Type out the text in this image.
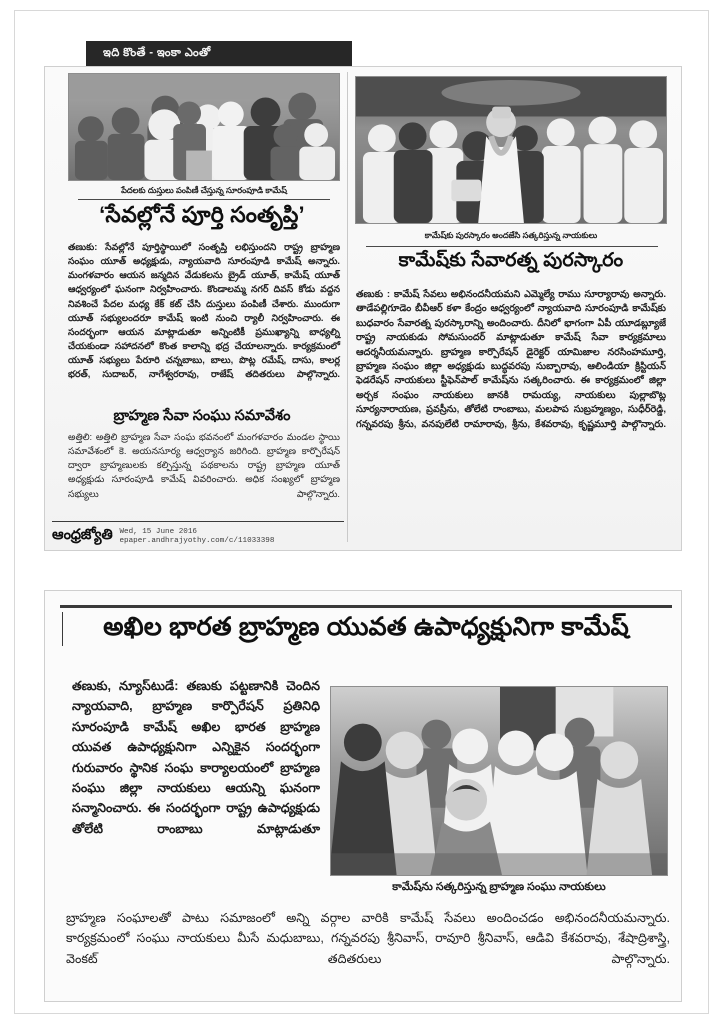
ఇది కొంతే - ఇంకా ఎంతో
పేదలకు దుస్తులు పంపిణీ చేస్తున్న సూరంపూడి కామేష్
‘సేవల్లోనే పూర్తి సంతృప్తి’
తణుకు: సేవల్లోనే పూర్తిస్థాయిలో సంతృప్తి లభిస్తుందని రాష్ట్ర బ్రాహ్మణ సంఘం యూత్ అధ్యక్షుడు, న్యాయవాది సూరంపూడి కామేష్ అన్నారు. మంగళవారం ఆయన జన్మదిన వేడుకలను బ్రైడ్ యూత్, కామేష్ యూత్ ఆధ్వర్యంలో ఘనంగా నిర్వహించారు. కొండాలమ్మ నగర్ దివస్ కోడు వద్దన నివశించే పేదల మధ్య కేక్ కట్ చేసి దుస్తులు పంపిణీ చేశారు. ముందుగా యూత్ సభ్యులందరూ కామేష్ ఇంటి నుంచి ర్యాలీ నిర్వహించారు. ఈ సందర్భంగా ఆయన మాట్లాడుతూ అన్నింటికీ ప్రముఖ్యాన్ని బాధ్యల్ని చేయకుండా సహాదనలో కొంత కాలాన్ని భద్ర చేయాలన్నారు. కార్యక్రమంలో యూత్ సభ్యులు పేరూరి చన్నబాబు, బాలు, పొట్ల రమేష్, దాసు, కాలర్ల భరత్, సుదాబర్, నాగేశ్వరరావు, రాజేష్ తదితరులు పాల్గొన్నారు.
బ్రాహ్మణ సేవా సంఘు సమావేశం
అత్తిలి: అత్తిలి బ్రాహ్మణ సేవా సంఘ భవనంలో మంగళవారం మండల స్థాయి సమావేశంలో కె. అయనసూర్య ఆధ్వర్యాన జరిగింది. బ్రాహ్మణ కార్పొరేషన్ ద్వారా బ్రాహ్మణులకు కల్పిస్తున్న పథకాలను రాష్ట్ర బ్రాహ్మణ యూత్ అధ్యక్షుడు సూరంపూడి కామేష్ వివరించారు. అధిక సంఖ్యలో బ్రాహ్మణ సభ్యులు పాల్గొన్నారు.
ఆంధ్రజ్యోతి Wed, 15 June 2016
epaper.andhrajyothy.com/c/11033398
కామేష్‌కు పురస్కారం అందజేసి సత్కరిస్తున్న నాయకులు
కామేష్‌కు సేవారత్న పురస్కారం
తణుకు : కామేష్ సేవలు అభినందనీయమని ఎమ్మెల్యే రాము సూర్యారావు అన్నారు. తాడేపల్లిగూడెం బీవీఆర్ కళా కేంద్రం ఆధ్వర్యంలో న్యాయవాది సూరంపూడి కామేష్‌కు బుధవారం సేవారత్న పురస్కారాన్ని అందించారు. దీనిలో భాగంగా ఏపీ యూడబ్ల్యూజే రాష్ట్ర నాయకుడు సోమసుందర్ మాట్లాడుతూ కామేష్ సేవా కార్యక్రమాలు ఆదర్శనీయమన్నారు. బ్రాహ్మణ కార్పొరేషన్ డైరెక్టర్ యామిజాల నరసింహమూర్తి, బ్రాహ్మణ సంఘం జిల్లా అధ్యక్షుడు బుద్ధవరపు సుబ్బారావు, ఆలిండియా క్రిస్టియన్ ఫెడరేషన్ నాయకులు స్టీఫెన్‌పాల్ కామేష్‌ను సత్కరించారు. ఈ కార్యక్రమంలో జిల్లా అర్చక సంఘం నాయకులు జానకి రామయ్య, నాయకులు పుల్లాబొట్ల సూర్యనారాయణ, ప్రవస్రీను, తోలేటి రాంబాబు, మలపాప సుబ్రహ్మణ్యం, సుధీర్‌రెడ్డి, గన్నవరపు శ్రీను, వనపులేటి రామారావు, శ్రీను, కేశవరావు, కృష్ణమూర్తి పాల్గొన్నారు.
అఖిల భారత బ్రాహ్మణ యువత ఉపాధ్యక్షునిగా కామేష్
తణుకు, న్యూస్‌టుడే: తణుకు పట్టణానికి చెందిన న్యాయవాది, బ్రాహ్మణ కార్పొరేషన్ ప్రతినిధి సూరంపూడి కామేష్ అఖిల భారత బ్రాహ్మణ యువత ఉపాధ్యక్షునిగా ఎన్నికైన సందర్భంగా గురువారం స్థానిక సంఘ కార్యాలయంలో బ్రాహ్మణ సంఘు జిల్లా నాయకులు ఆయన్ని ఘనంగా సన్మానించారు. ఈ సందర్భంగా రాష్ట్ర ఉపాధ్యక్షుడు తోలేటి రాంబాబు మాట్లాడుతూ
కామేష్‌ను సత్కరిస్తున్న బ్రాహ్మణ సంఘు నాయకులు
బ్రాహ్మణ సంఘాలతో పాటు సమాజంలో అన్ని వర్గాల వారికి కామేష్ సేవలు అందించడం అభినందనీయమన్నారు. కార్యక్రమంలో సంఘు నాయకులు మీసే మధుబాబు, గన్నవరపు శ్రీనివాస్, రావూరి శ్రీనివాస్, ఆడివి కేశవరావు, శేషాద్రిశాస్త్రి, వెంకట్ తదితరులు పాల్గొన్నారు.
